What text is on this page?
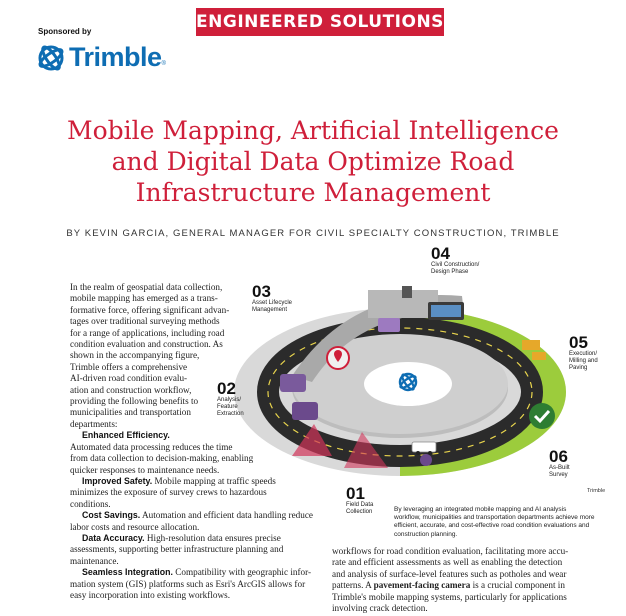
ENGINEERED SOLUTIONS
Sponsored by
Trimble ®
Mobile Mapping, Artificial Intelligence
and Digital Data Optimize Road
Infrastructure Management
BY KEVIN GARCIA, GENERAL MANAGER FOR CIVIL SPECIALTY CONSTRUCTION, TRIMBLE

In the realm of geospatial data collection,

mobile mapping has emerged as a trans-

formative force, offering significant advan-

tages over traditional surveying methods

for a range of applications, including road

condition evaluation and construction. As

shown in the accompanying figure,

Trimble offers a comprehensive

AI-driven road condition evalu-

ation and construction workflow,

providing the following benefits to

municipalities and transportation

departments:

Enhanced Efficiency.

Automated data processing reduces the time

from data collection to decision-making, enabling

quicker responses to maintenance needs.

Improved Safety. Mobile mapping at traffic speeds

minimizes the exposure of survey crews to hazardous

conditions.

Cost Savings. Automation and efficient data handling reduce

labor costs and resource allocation.

Data Accuracy. High-resolution data ensures precise

assessments, supporting better infrastructure planning and

maintenance.

Seamless Integration. Compatibility with geographic infor-

mation system (GIS) platforms such as Esri's ArcGIS allows for

easy incorporation into existing workflows.

01
Field Data
Collection
02
Analysis/
Feature
Extraction
03
Asset Lifecycle
Management
04
Civil Construction/
Design Phase
05
Execution/
Milling and
Paving
06
As-Built
Survey
Trimble
By leveraging an integrated mobile mapping and AI analysis
workflow, municipalities and transportation departments achieve more
efficient, accurate, and cost-effective road condition evaluations and
construction planning.

workflows for road condition evaluation, facilitating more accu-

rate and efficient assessments as well as enabling the detection

and analysis of surface-level features such as potholes and wear

patterns. A pavement-facing camera is a crucial component in

Trimble's mobile mapping systems, particularly for applications

involving crack detection.
